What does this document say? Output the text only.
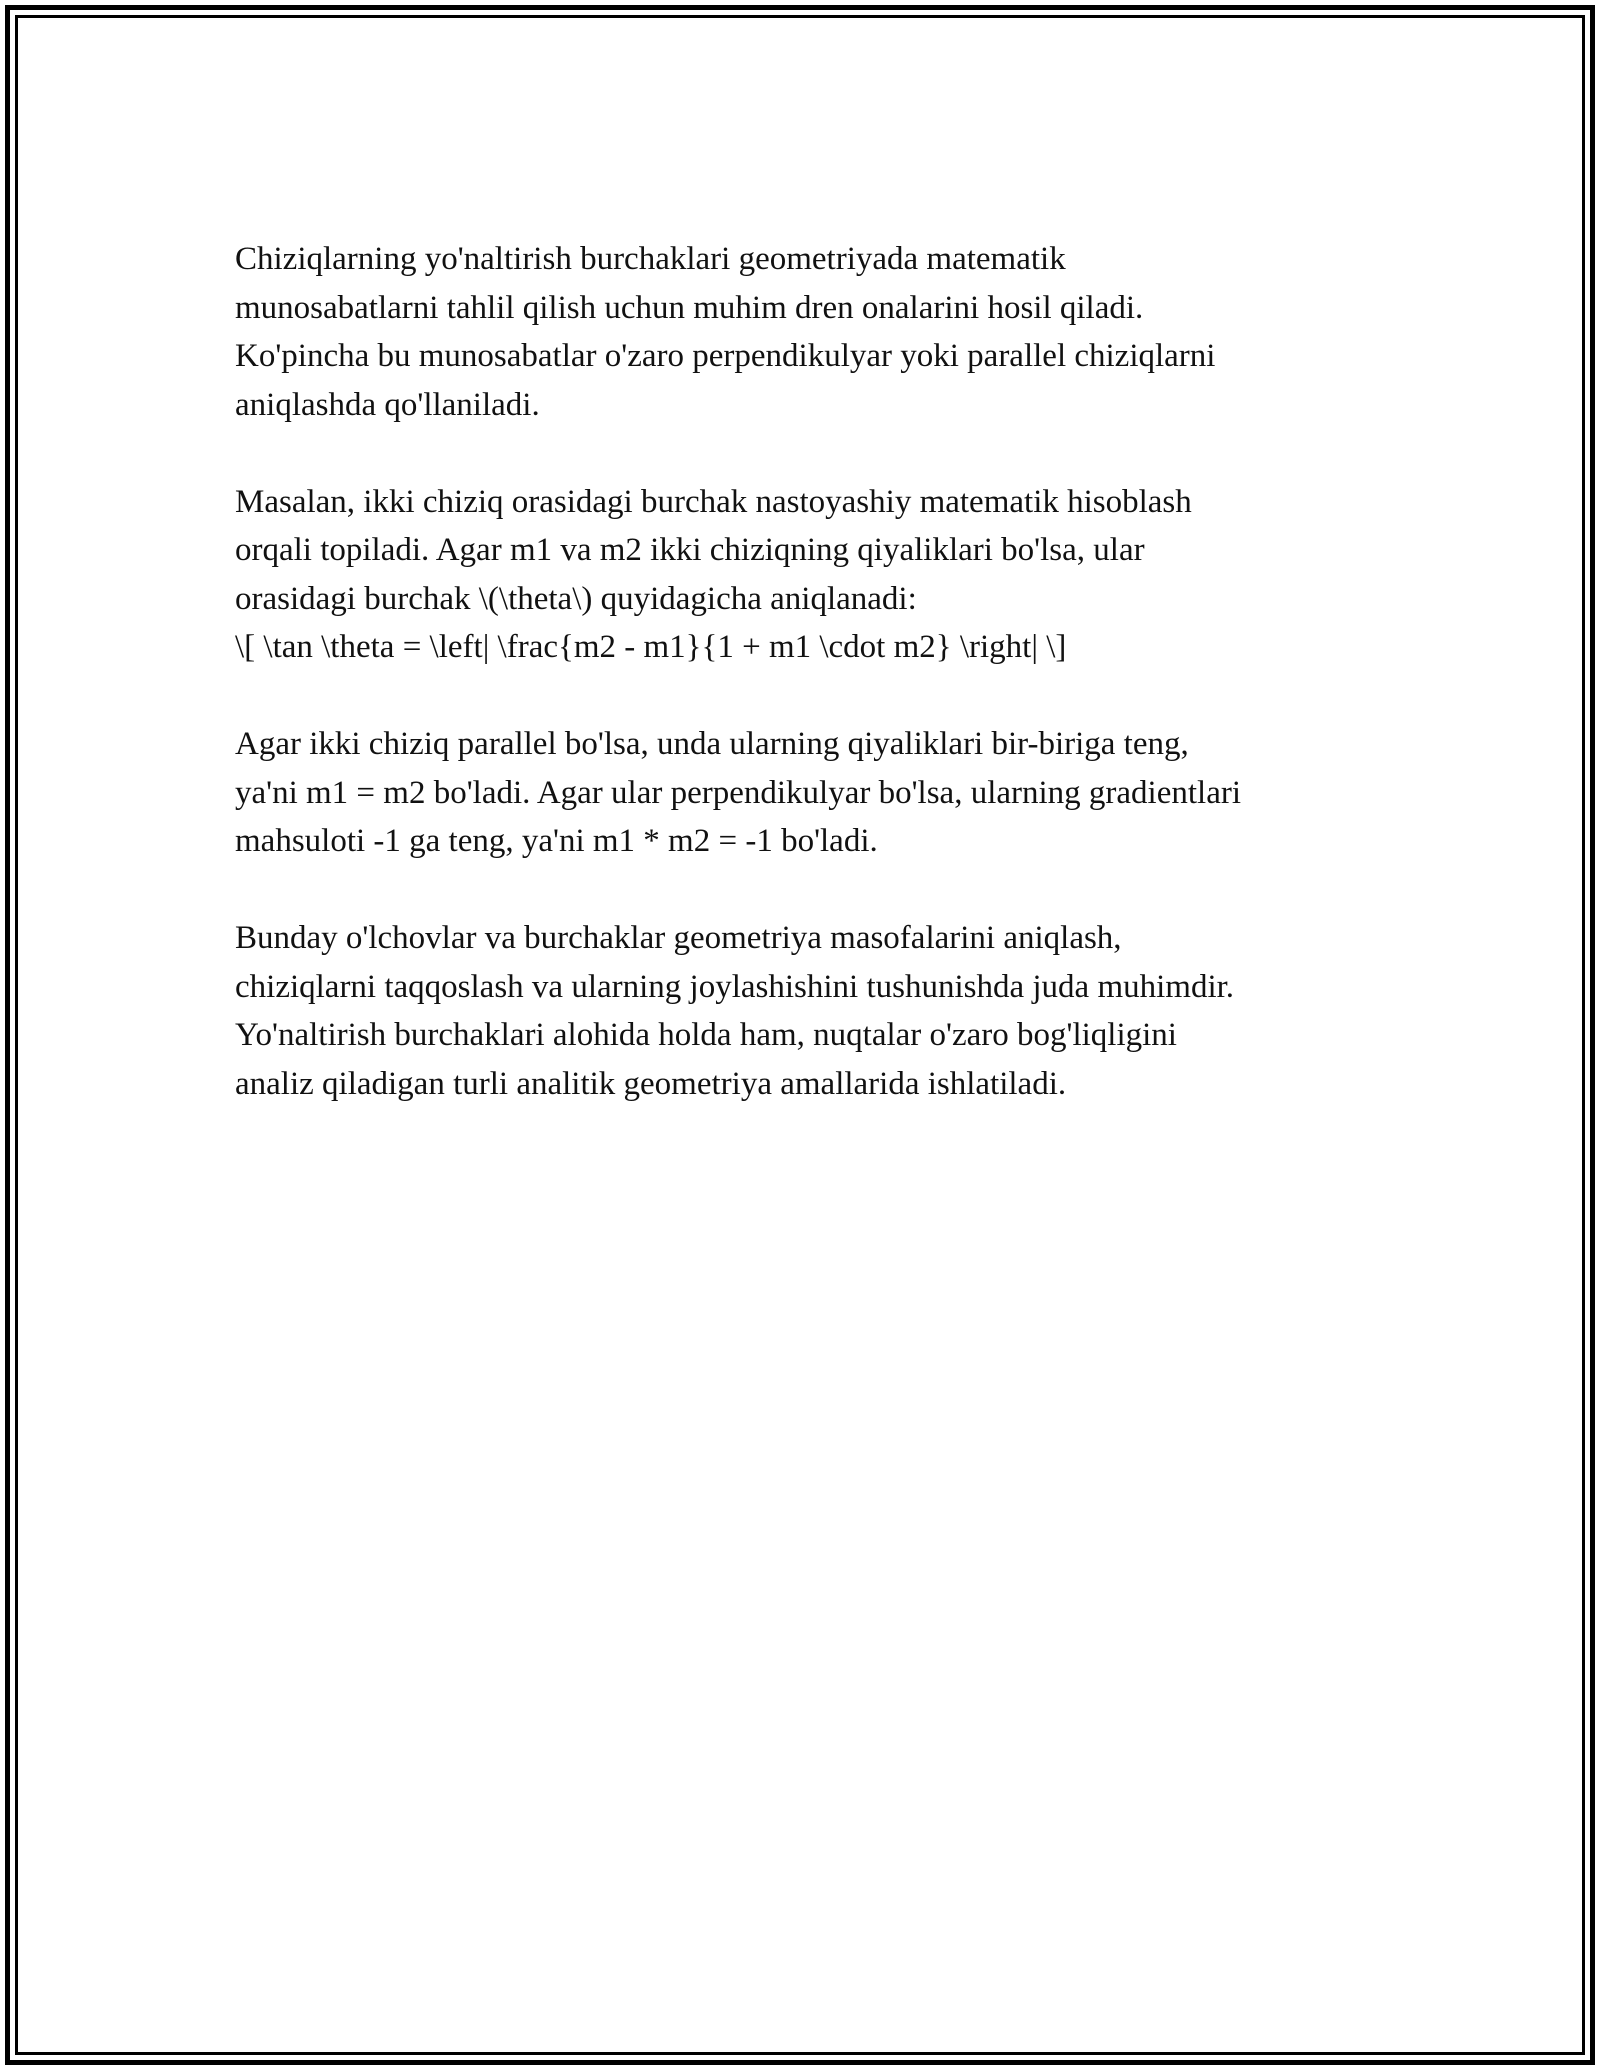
Chiziqlarning yo'naltirish burchaklari geometriyada matematik
munosabatlarni tahlil qilish uchun muhim dren onalarini hosil qiladi.
Ko'pincha bu munosabatlar o'zaro perpendikulyar yoki parallel chiziqlarni
aniqlashda qo'llaniladi.

Masalan, ikki chiziq orasidagi burchak nastoyashiy matematik hisoblash
orqali topiladi. Agar m1 va m2 ikki chiziqning qiyaliklari bo'lsa, ular
orasidagi burchak \(\theta\) quyidagicha aniqlanadi:
\[ \tan \theta = \left| \frac{m2 - m1}{1 + m1 \cdot m2} \right| \]

Agar ikki chiziq parallel bo'lsa, unda ularning qiyaliklari bir-biriga teng,
ya'ni m1 = m2 bo'ladi. Agar ular perpendikulyar bo'lsa, ularning gradientlari
mahsuloti -1 ga teng, ya'ni m1 * m2 = -1 bo'ladi.

Bunday o'lchovlar va burchaklar geometriya masofalarini aniqlash,
chiziqlarni taqqoslash va ularning joylashishini tushunishda juda muhimdir.
Yo'naltirish burchaklari alohida holda ham, nuqtalar o'zaro bog'liqligini
analiz qiladigan turli analitik geometriya amallarida ishlatiladi.
